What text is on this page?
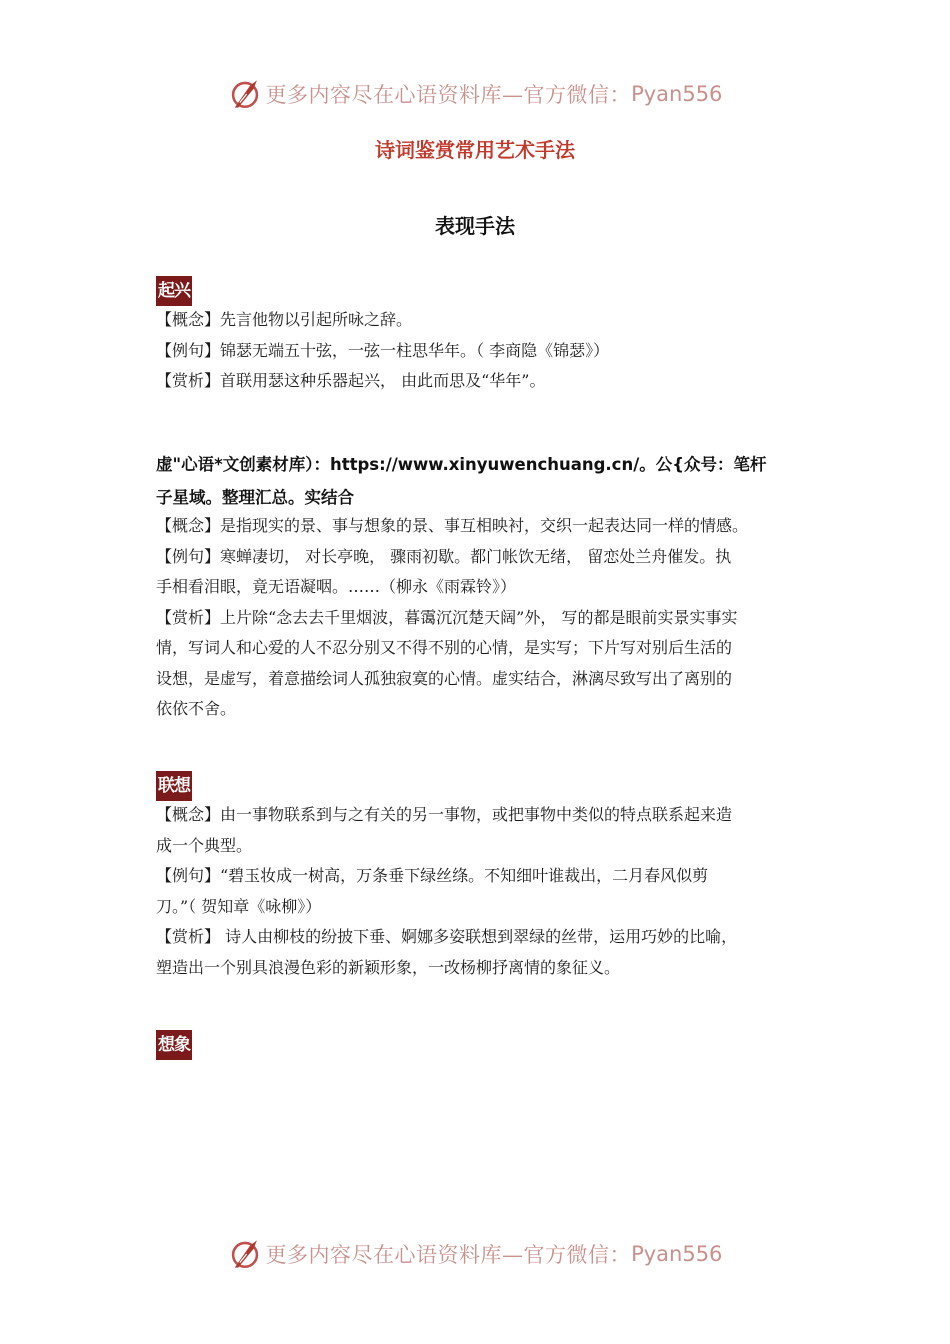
更多内容尽在心语资料库—官方微信： Pyan556
诗词鉴赏常用艺术手法
表现手法
起兴

【概念】先言他物以引起所咏之辞。

【例句】锦瑟无端五十弦，一弦一柱思华年。（ 李商隐《锦瑟》）

【赏析】首联用瑟这种乐器起兴， 由此而思及“华年”。

虚"心语*文创素材库）：https://www.xinyuwenchuang.cn/。公{众号：笔杆
子星域。整理汇总。实结合

【概念】是指现实的景、事与想象的景、事互相映衬，交织一起表达同一样的情感。

【例句】寒蝉凄切， 对长亭晚， 骤雨初歇。都门帐饮无绪， 留恋处兰舟催发。执

手相看泪眼，竟无语凝咽。……（柳永《雨霖铃》）

【赏析】上片除“念去去千里烟波，暮霭沉沉楚天阔”外， 写的都是眼前实景实事实

情，写词人和心爱的人不忍分别又不得不别的心情，是实写；下片写对别后生活的

设想，是虚写，着意描绘词人孤独寂寞的心情。虚实结合，淋漓尽致写出了离别的

依依不舍。

联想

【概念】由一事物联系到与之有关的另一事物，或把事物中类似的特点联系起来造

成一个典型。

【例句】“碧玉妆成一树高，万条垂下绿丝绦。不知细叶谁裁出，二月春风似剪

刀。”（ 贺知章《咏柳》）

【赏析】 诗人由柳枝的纷披下垂、婀娜多姿联想到翠绿的丝带，运用巧妙的比喻，

塑造出一个别具浪漫色彩的新颖形象，一改杨柳抒离情的象征义。

想象
更多内容尽在心语资料库—官方微信： Pyan556
